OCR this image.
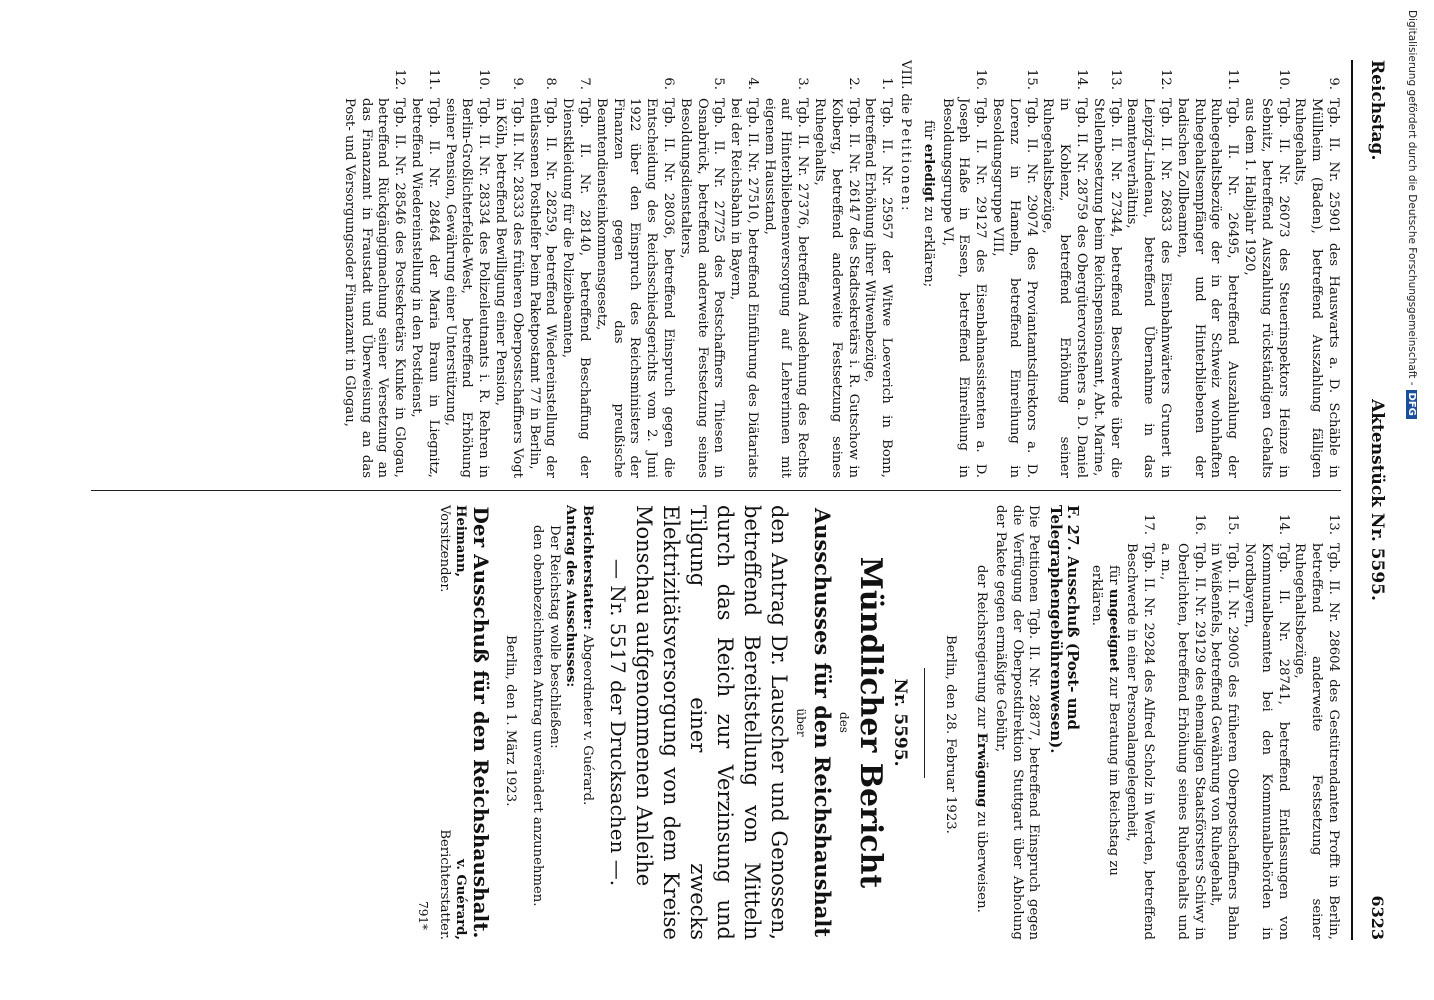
Reichstag.
Aktenstück Nr. 5595.
6323
9.
Tgb. II. Nr. 25901 des Hauswarts a. D. Schäble in Müllheim (Baden), betreffend Auszahlung fälligen Ruhegehalts,
10.
Tgb. II. Nr. 26073 des Steuerinspektors Heinze in Sebnitz, betreffend Auszahlung rückständigen Gehalts aus dem 1. Halbjahr 1920,
11.
Tgb. II. Nr. 26495, betreffend Auszahlung der Ruhegehaltsbezüge der in der Schweiz wohnhaften Ruhegehaltsempfänger und Hinterbliebenen der badischen Zollbeamten,
12.
Tgb. II. Nr. 26833 des Eisenbahnwärters Grunert in Leipzig-Lindenau, betreffend Übernahme in das Beamtenverhältnis,
13.
Tgb. II. Nr. 27344, betreffend Beschwerde über die Stellenbesetzung beim Reichspensionsamt, Abt. Marine,
14.
Tgb. II. Nr. 28759 des Obergütervorstehers a. D. Daniel in Koblenz, betreffend Erhöhung seiner Ruhegehaltsbezüge,
15.
Tgb. II. Nr. 29074 des Proviantamtsdirektors a. D. Lorenz in Hameln, betreffend Einreihung in Besoldungsgruppe VIII,
16.
Tgb. II. Nr. 29127 des Eisenbahnassistenten a. D. Joseph Haße in Essen, betreffend Einreihung in Besoldungsgruppe VI,
für erledigt zu erklären;
VIII. die Petitionen:
1.
Tgb. II. Nr. 25957 der Witwe Loeverich in Bonn, betreffend Erhöhung ihrer Witwenbezüge,
2.
Tgb. II. Nr. 26147 des Stadtsekretärs i. R. Gutschow in Kolberg, betreffend anderweite Festsetzung seines Ruhegehalts,
3.
Tgb. II. Nr. 27376, betreffend Ausdehnung des Rechts auf Hinterbliebenenversorgung auf Lehrerinnen mit eigenem Hausstand,
4.
Tgb. II. Nr. 27510, betreffend Einführung des Diätariats bei der Reichsbahn in Bayern,
5.
Tgb. II. Nr. 27725 des Postschaffners Thiesen in Osnabrück, betreffend anderweite Festsetzung seines Besoldungsdienstalters,
6.
Tgb. II. Nr. 28036, betreffend Einspruch gegen die Entscheidung des Reichsschiedsgerichts vom 2. Juni 1922 über den Einspruch des Reichsministers der Finanzen gegen das preußische Beamtendiensteinkommensgesetz,
7.
Tgb. II. Nr. 28140, betreffend Beschaffung der Dienstkleidung für die Polizeibeamten,
8.
Tgb. II. Nr. 28259, betreffend Wiedereinstellung der entlassenen Posthelfer beim Paketpostamt 77 in Berlin,
9.
Tgb. II. Nr. 28333 des früheren Oberpostschaffners Vogt in Köln, betreffend Bewilligung einer Pension,
10.
Tgb. II. Nr. 28334 des Polizeileutnants i. R. Rehren in Berlin-Großlichterfelde-West, betreffend Erhöhung seiner Pension, Gewährung einer Unterstützung,
11.
Tgb. II. Nr. 28464 der Maria Braun in Liegnitz, betreffend Wiedereinstellung in den Postdienst,
12.
Tgb. II. Nr. 28546 des Postsekretärs Kunke in Glogau, betreffend Rückgängigmachung seiner Versetzung an das Finanzamt in Fraustadt und Überweisung an das Post- und Versorgungsoder Finanzamt in Glogau,
13.
Tgb. II. Nr. 28604 des Gestütrendanten Profft in Berlin, betreffend anderweite Festsetzung seiner Ruhegehaltsbezüge,
14.
Tgb. II. Nr. 28741, betreffend Entlassungen von Kommunalbeamten bei den Kommunalbehörden in Nordbayern,
15.
Tgb. II. Nr. 29005 des früheren Oberpostschaffners Bahn in Weißenfels, betreffend Gewährung von Ruhegehalt,
16.
Tgb. II. Nr. 29129 des ehemaligen Staatsförsters Schiwy in Oberlichten, betreffend Erhöhung seines Ruhegehalts und a. m.,
17.
Tgb. II. Nr. 29284 des Alfred Scholz in Werden, betreffend Beschwerde in einer Personalangelegenheit,
für ungeeignet zur Beratung im Reichstag zu erklären.
F. 27. Ausschuß (Post- und Telegraphengebührenwesen).
Die Petitionen Tgb. II. Nr. 28877, betreffend Einspruch gegen die Verfügung der Oberpostdirektion Stuttgart über Abholung der Pakete gegen ermäßigte Gebühr,
der Reichsregierung zur Erwägung zu überweisen.
Berlin, den 28. Februar 1923.
Nr. 5595.
Mündlicher Bericht
des
Ausschusses für den Reichshaushalt
über
den Antrag Dr. Lauscher und Genossen, betreffend Bereitstellung von Mitteln durch das Reich zur Verzinsung und Tilgung einer zwecks Elektrizitätsversorgung von dem Kreise Monschau aufgenommenen Anleihe
— Nr. 5517 der Drucksachen —.
Berichterstatter: Abgeordneter v. Guérard.
Antrag des Ausschusses:
Der Reichstag wolle beschließen:
den obenbezeichneten Antrag unverändert anzunehmen.
Berlin, den 1. März 1923.
Der Ausschuß für den Reichshaushalt.
Heimann,
Vorsitzender.
v. Guérard,
Berichterstatter.
791*
Digitalisierung gefördert durch die Deutsche Forschungsgemeinschaft -DFG
